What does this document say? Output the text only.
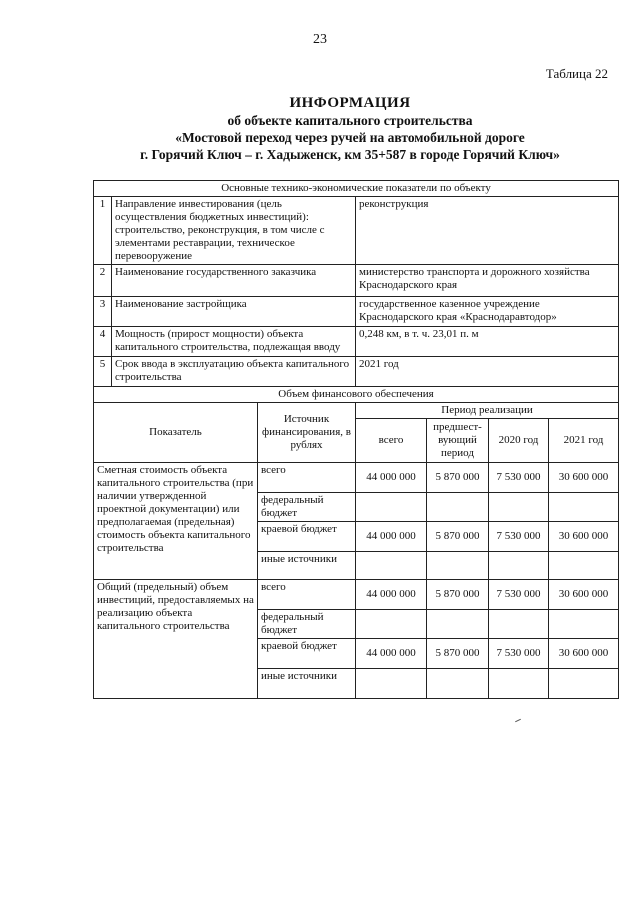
23
Таблица 22
ИНФОРМАЦИЯ
об объекте капитального строительства
«Мостовой переход через ручей на автомобильной дороге
г. Горячий Ключ – г. Хадыженск, км 35+587 в городе Горячий Ключ»
Основные технико-экономические показатели по объекту						
1	Направление инвестирования (цель осуществления бюджетных инвестиций): строительство, реконструкция, в том числе с элементами реставрации, техническое перевооружение		реконструкция			
2	Наименование государственного заказчика		министерство транспорта и дорожного хозяйства Краснодарского края			
3	Наименование застройщика		государственное казенное учреждение Краснодарского края «Краснодаравтодор»			
4	Мощность (прирост мощности) объекта капитального строительства, подлежащая вводу		0,248 км, в т. ч. 23,01 п. м			
5	Срок ввода в эксплуатацию объекта капитального строительства		2021 год			
Объем финансового обеспечения						
Показатель		Источник финансирования, в рублях	Период реализации			
			всего	предшест-вующий период	2020 год	2021 год
Сметная стоимость объекта капитального строительства (при наличии утвержденной проектной документации) или предполагаемая (предельная) стоимость объекта капитального строительства		всего	44 000 000	5 870 000	7 530 000	30 600 000
		федеральный бюджет				
		краевой бюджет	44 000 000	5 870 000	7 530 000	30 600 000
		иные источники				
Общий (предельный) объем инвестиций, предоставляемых на реализацию объекта капитального строительства		всего	44 000 000	5 870 000	7 530 000	30 600 000
		федеральный бюджет				
		краевой бюджет	44 000 000	5 870 000	7 530 000	30 600 000
		иные источники				
